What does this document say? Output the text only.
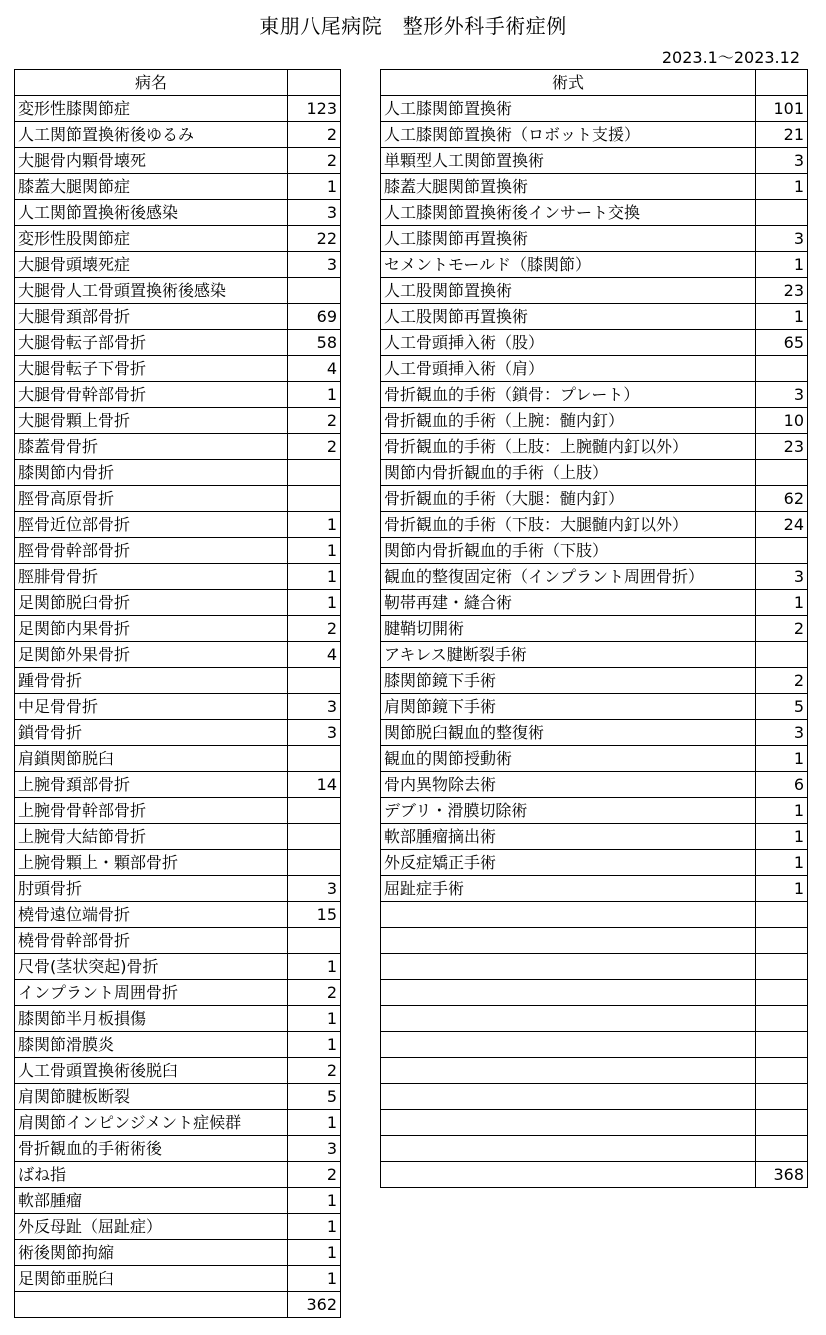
東朋八尾病院　整形外科手術症例
2023.1～2023.12
病名	
変形性膝関節症	123
人工関節置換術後ゆるみ	2
大腿骨内顆骨壊死	2
膝蓋大腿関節症	1
人工関節置換術後感染	3
変形性股関節症	22
大腿骨頭壊死症	3
大腿骨人工骨頭置換術後感染	
大腿骨頚部骨折	69
大腿骨転子部骨折	58
大腿骨転子下骨折	4
大腿骨骨幹部骨折	1
大腿骨顆上骨折	2
膝蓋骨骨折	2
膝関節内骨折	
脛骨高原骨折	
脛骨近位部骨折	1
脛骨骨幹部骨折	1
脛腓骨骨折	1
足関節脱臼骨折	1
足関節内果骨折	2
足関節外果骨折	4
踵骨骨折	
中足骨骨折	3
鎖骨骨折	3
肩鎖関節脱臼	
上腕骨頚部骨折	14
上腕骨骨幹部骨折	
上腕骨大結節骨折	
上腕骨顆上・顆部骨折	
肘頭骨折	3
橈骨遠位端骨折	15
橈骨骨幹部骨折	
尺骨(茎状突起)骨折	1
インプラント周囲骨折	2
膝関節半月板損傷	1
膝関節滑膜炎	1
人工骨頭置換術後脱臼	2
肩関節腱板断裂	5
肩関節インピンジメント症候群	1
骨折観血的手術術後	3
ばね指	2
軟部腫瘤	1
外反母趾（屈趾症）	1
術後関節拘縮	1
足関節亜脱臼	1
	362
術式	
人工膝関節置換術	101
人工膝関節置換術（ロボット支援）	21
単顆型人工関節置換術	3
膝蓋大腿関節置換術	1
人工膝関節置換術後インサート交換	
人工膝関節再置換術	3
セメントモールド（膝関節）	1
人工股関節置換術	23
人工股関節再置換術	1
人工骨頭挿入術（股）	65
人工骨頭挿入術（肩）	
骨折観血的手術（鎖骨：プレート）	3
骨折観血的手術（上腕：髄内釘）	10
骨折観血的手術（上肢：上腕髄内釘以外）	23
関節内骨折観血的手術（上肢）	
骨折観血的手術（大腿：髄内釘）	62
骨折観血的手術（下肢：大腿髄内釘以外）	24
関節内骨折観血的手術（下肢）	
観血的整復固定術（インプラント周囲骨折）	3
靭帯再建・縫合術	1
腱鞘切開術	2
アキレス腱断裂手術	
膝関節鏡下手術	2
肩関節鏡下手術	5
関節脱臼観血的整復術	3
観血的関節授動術	1
骨内異物除去術	6
デブリ・滑膜切除術	1
軟部腫瘤摘出術	1
外反症矯正手術	1
屈趾症手術	1

	368
